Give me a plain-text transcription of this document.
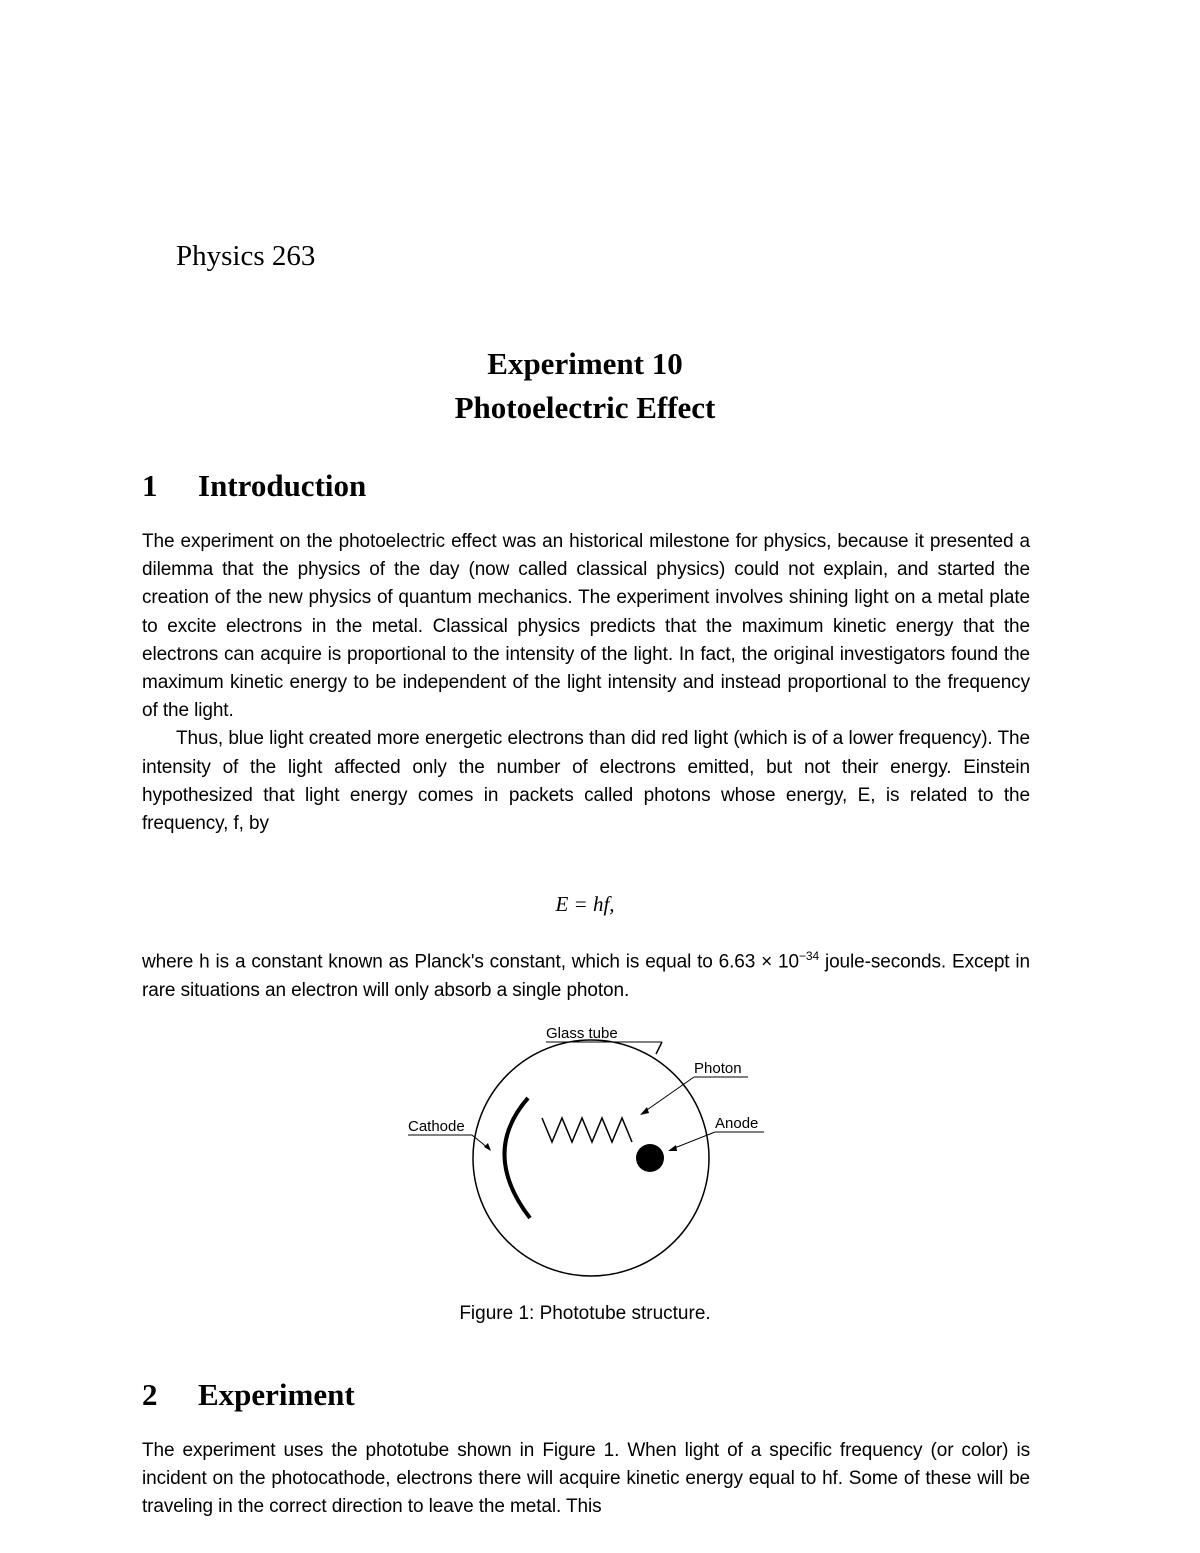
Physics 263
Experiment 10
Photoelectric Effect
1 Introduction

The experiment on the photoelectric effect was an historical milestone for physics, because it presented a dilemma that the physics of the day (now called classical physics) could not explain, and started the creation of the new physics of quantum mechanics. The experiment involves shining light on a metal plate to excite electrons in the metal. Classical physics predicts that the maximum kinetic energy that the electrons can acquire is proportional to the intensity of the light. In fact, the original investigators found the maximum kinetic energy to be independent of the light intensity and instead proportional to the frequency of the light.

Thus, blue light created more energetic electrons than did red light (which is of a lower frequency). The intensity of the light affected only the number of electrons emitted, but not their energy. Einstein hypothesized that light energy comes in packets called photons whose energy, E, is related to the frequency, f, by

E = hf,

where h is a constant known as Planck's constant, which is equal to $6.63 \times 10^{-34}$ joule-seconds. Except in rare situations an electron will only absorb a single photon.

Glass tube
Photon
Cathode	Anode
Figure 1: Phototube structure.
2 Experiment

The experiment uses the phototube shown in Figure 1. When light of a specific frequency (or color) is incident on the photocathode, electrons there will acquire kinetic energy equal to hf. Some of these will be traveling in the correct direction to leave the metal. This
